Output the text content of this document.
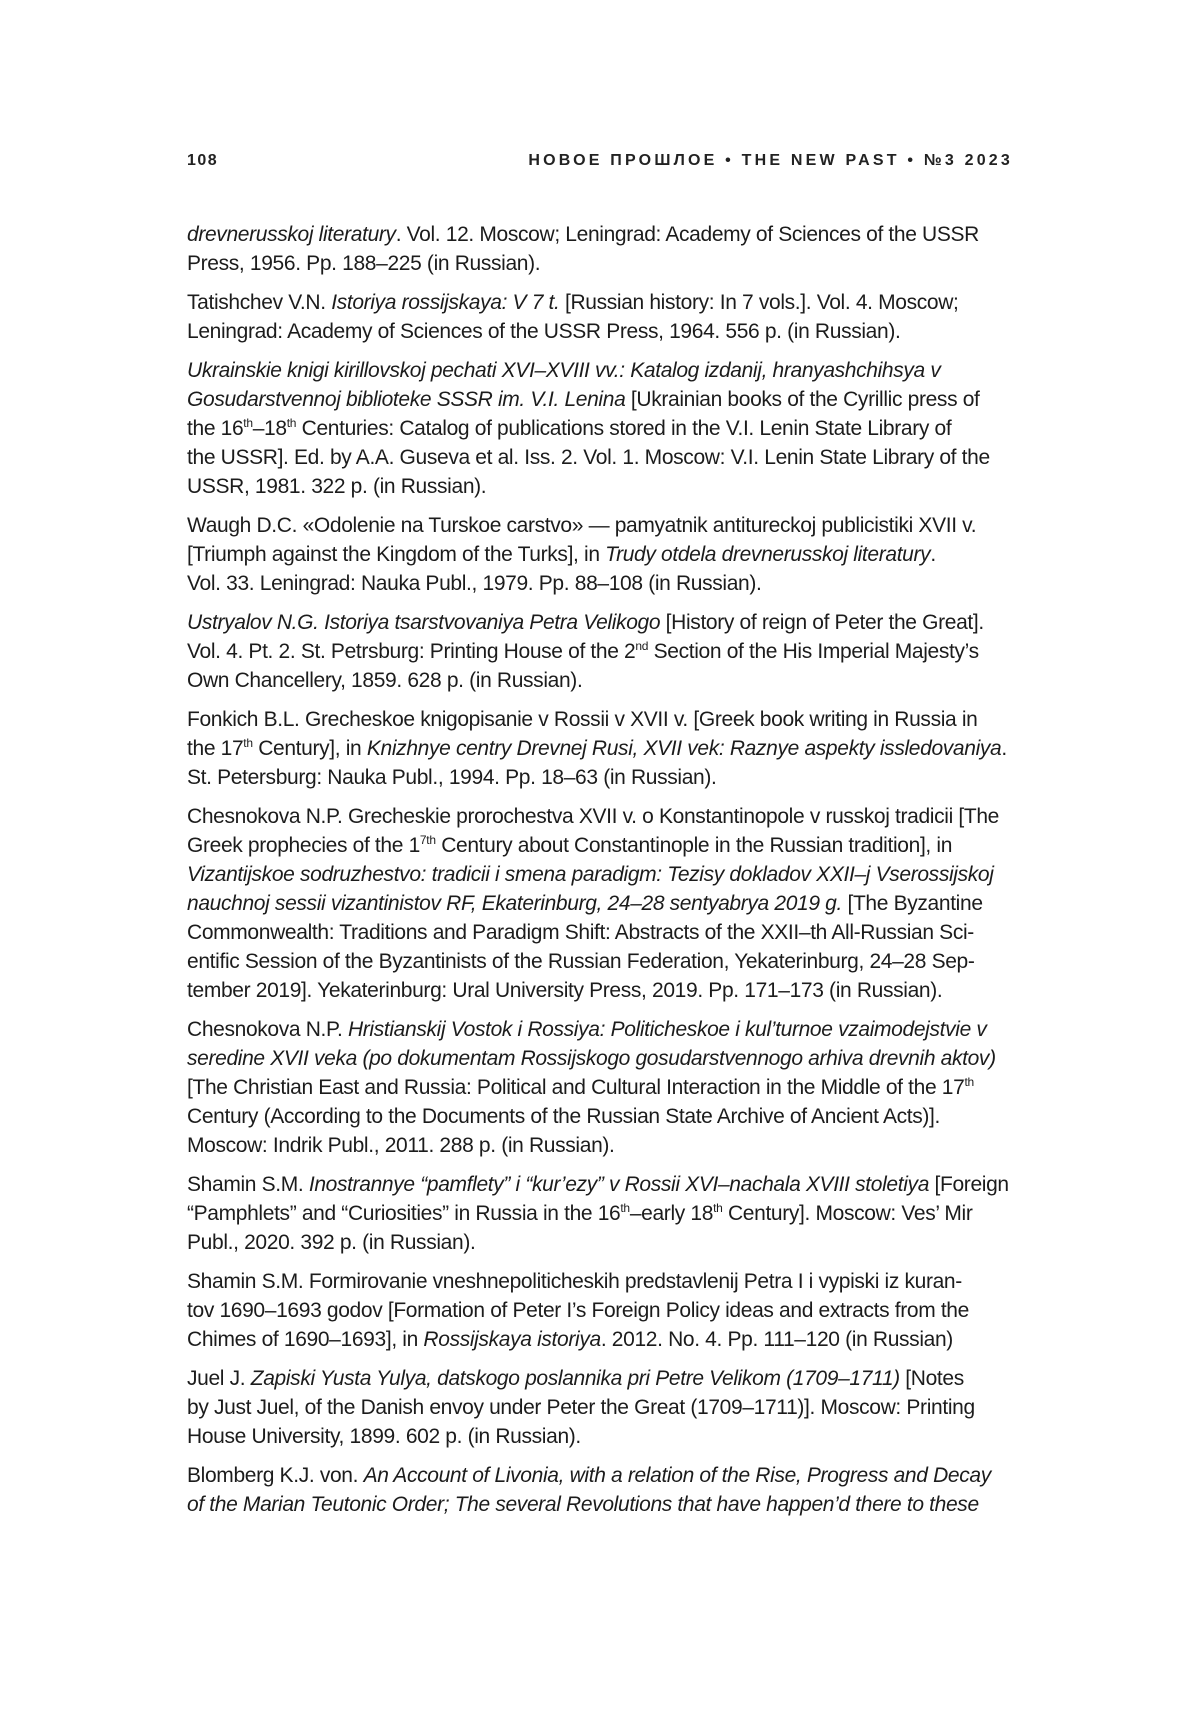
108	НОВОЕ ПРОШЛОЕ • THE NEW PAST • №3 2023
drevnerusskoj literatury. Vol. 12. Moscow; Leningrad: Academy of Sciences of the USSR
Press, 1956. Pp. 188–225 (in Russian).
Tatishchev V.N. Istoriya rossijskaya: V 7 t. [Russian history: In 7 vols.]. Vol. 4. Moscow;
Leningrad: Academy of Sciences of the USSR Press, 1964. 556 p. (in Russian).
Ukrainskie knigi kirillovskoj pechati XVI–XVIII vv.: Katalog izdanij, hranyashchihsya v
Gosudarstvennoj biblioteke SSSR im. V.I. Lenina [Ukrainian books of the Cyrillic press of
the 16th–18th Centuries: Catalog of publications stored in the V.I. Lenin State Library of
the USSR]. Ed. by A.A. Guseva et al. Iss. 2. Vol. 1. Moscow: V.I. Lenin State Library of the
USSR, 1981. 322 p. (in Russian).
Waugh D.C. «Odolenie na Turskoe carstvo» — pamyatnik antitureckoj publicistiki XVII v.
[Triumph against the Kingdom of the Turks], in Trudy otdela drevnerusskoj literatury.
Vol. 33. Leningrad: Nauka Publ., 1979. Pp. 88–108 (in Russian).
Ustryalov N.G. Istoriya tsarstvovaniya Petra Velikogo [History of reign of Peter the Great].
Vol. 4. Pt. 2. St. Petrsburg: Printing House of the 2nd Section of the His Imperial Majesty’s
Own Chancellery, 1859. 628 p. (in Russian).
Fonkich B.L. Grecheskoe knigopisanie v Rossii v XVII v. [Greek book writing in Russia in
the 17th Century], in Knizhnye centry Drevnej Rusi, XVII vek: Raznye aspekty issledovaniya.
St. Petersburg: Nauka Publ., 1994. Pp. 18–63 (in Russian).
Chesnokova N.P. Grecheskie prorochestva XVII v. o Konstantinopole v russkoj tradicii [The
Greek prophecies of the $1^{7th}$ Century about Constantinople in the Russian tradition], in
Vizantijskoe sodruzhestvo: tradicii i smena paradigm: Tezisy dokladov XXII–j Vserossijskoj
nauchnoj sessii vizantinistov RF, Ekaterinburg, 24–28 sentyabrya 2019 g. [The Byzantine
Commonwealth: Traditions and Paradigm Shift: Abstracts of the XXII–th All-Russian Sci-
entific Session of the Byzantinists of the Russian Federation, Yekaterinburg, 24–28 Sep-
tember 2019]. Yekaterinburg: Ural University Press, 2019. Pp. 171–173 (in Russian).
Chesnokova N.P. Hristianskij Vostok i Rossiya: Politicheskoe i kul’turnoe vzaimodejstvie v
seredine XVII veka (po dokumentam Rossijskogo gosudarstvennogo arhiva drevnih aktov)
[The Christian East and Russia: Political and Cultural Interaction in the Middle of the 17th
Century (According to the Documents of the Russian State Archive of Ancient Acts)].
Moscow: Indrik Publ., 2011. 288 p. (in Russian).
Shamin S.M. Inostrannye “pamflety” i “kur’ezy” v Rossii XVI–nachala XVIII stoletiya [Foreign
“Pamphlets” and “Curiosities” in Russia in the 16th–early 18th Century]. Moscow: Ves’ Mir
Publ., 2020. 392 p. (in Russian).
Shamin S.M. Formirovanie vneshnepoliticheskih predstavlenij Petra I i vypiski iz kuran-
tov 1690–1693 godov [Formation of Peter I’s Foreign Policy ideas and extracts from the
Chimes of 1690–1693], in Rossijskaya istoriya. 2012. No. 4. Pp. 111–120 (in Russian)
Juel J. Zapiski Yusta Yulya, datskogo poslannika pri Petre Velikom (1709–1711) [Notes
by Just Juel, of the Danish envoy under Peter the Great (1709–1711)]. Moscow: Printing
House University, 1899. 602 p. (in Russian).
Blomberg K.J. von. An Account of Livonia, with a relation of the Rise, Progress and Decay
of the Marian Teutonic Order; The several Revolutions that have happen’d there to these
